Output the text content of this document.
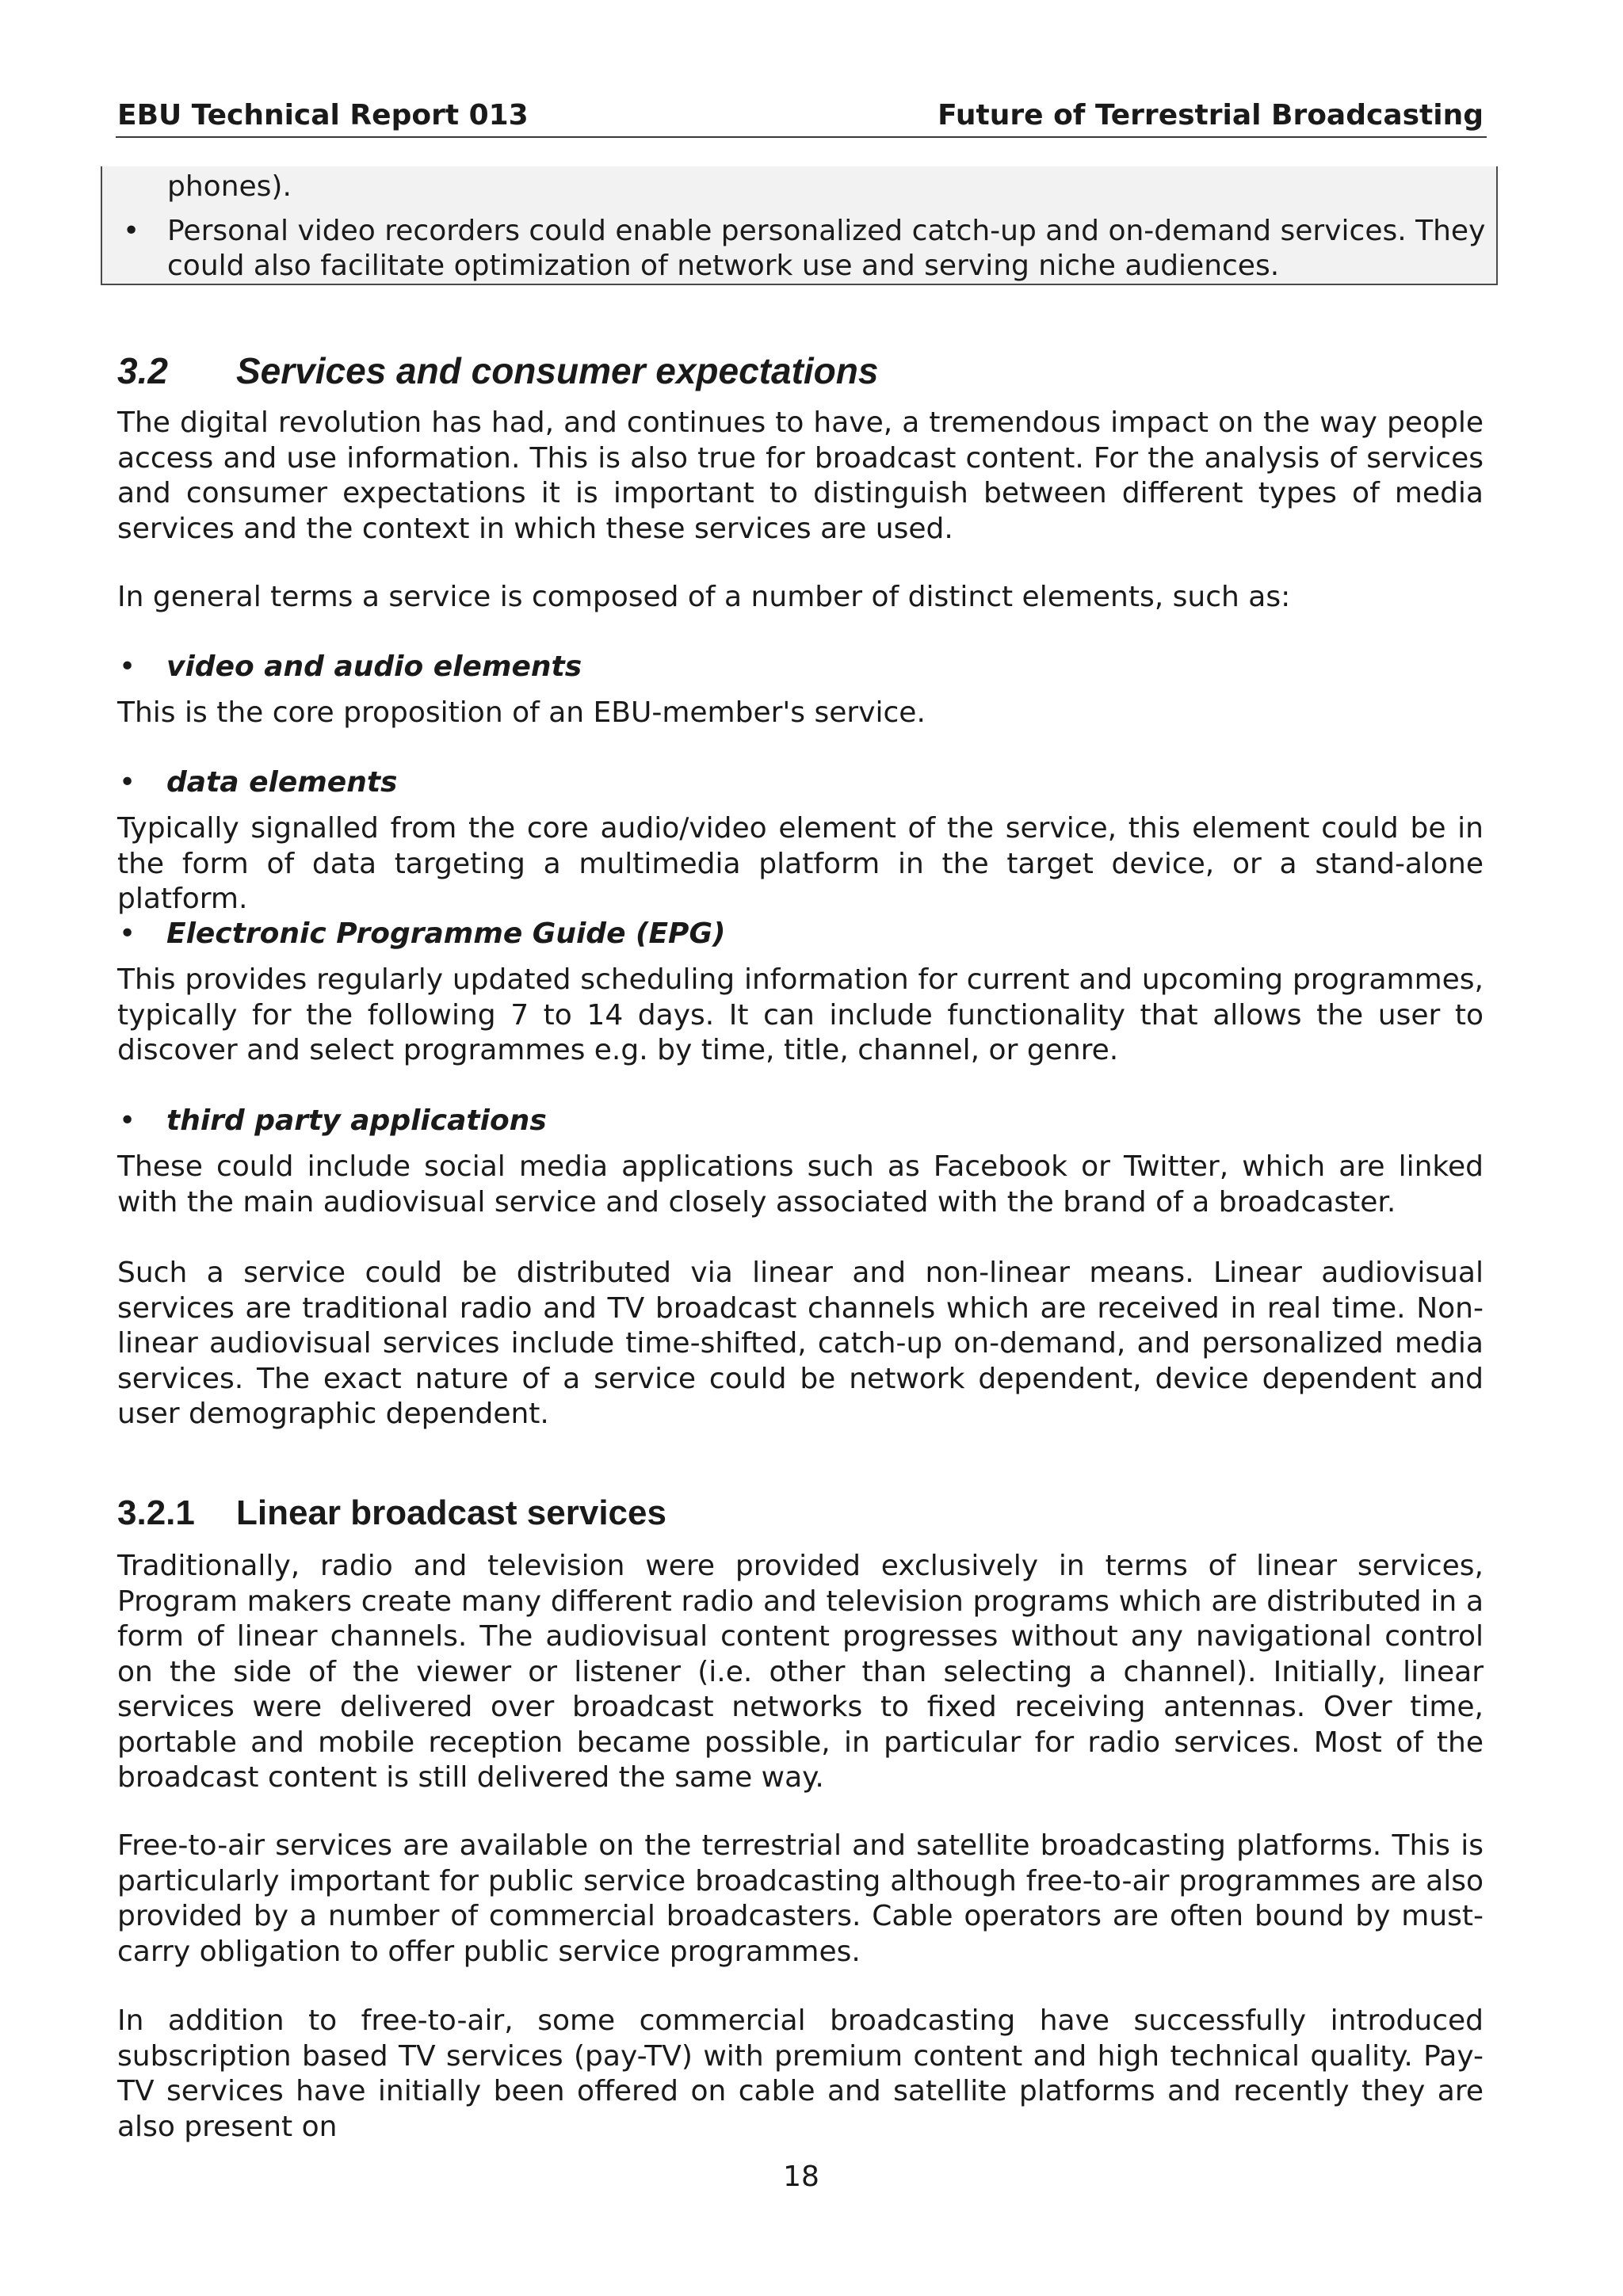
EBU Technical Report 013	Future of Terrestrial Broadcasting
phones).
• Personal video recorders could enable personalized catch-up and on-demand services. They
could also facilitate optimization of network use and serving niche audiences.
3.2 Services and consumer expectations

The digital revolution has had, and continues to have, a tremendous impact on the way people access and use information. This is also true for broadcast content. For the analysis of services and consumer expectations it is important to distinguish between different types of media services and the context in which these services are used.

In general terms a service is composed of a number of distinct elements, such as:

• video and audio elements

This is the core proposition of an EBU-member's service.

• data elements

Typically signalled from the core audio/video element of the service, this element could be in the form of data targeting a multimedia platform in the target device, or a stand-alone platform.

• Electronic Programme Guide (EPG)

This provides regularly updated scheduling information for current and upcoming programmes, typically for the following 7 to 14 days. It can include functionality that allows the user to discover and select programmes e.g. by time, title, channel, or genre.

• third party applications

These could include social media applications such as Facebook or Twitter, which are linked with the main audiovisual service and closely associated with the brand of a broadcaster.

Such a service could be distributed via linear and non-linear means. Linear audiovisual services are traditional radio and TV broadcast channels which are received in real time. Non-linear audiovisual services include time-shifted, catch-up on-demand, and personalized media services. The exact nature of a service could be network dependent, device dependent and user demographic dependent.

3.2.1 Linear broadcast services

Traditionally, radio and television were provided exclusively in terms of linear services, Program makers create many different radio and television programs which are distributed in a form of linear channels. The audiovisual content progresses without any navigational control on the side of the viewer or listener (i.e. other than selecting a channel). Initially, linear services were delivered over broadcast networks to fixed receiving antennas. Over time, portable and mobile reception became possible, in particular for radio services. Most of the broadcast content is still delivered the same way.

Free-to-air services are available on the terrestrial and satellite broadcasting platforms. This is particularly important for public service broadcasting although free-to-air programmes are also provided by a number of commercial broadcasters. Cable operators are often bound by must-carry obligation to offer public service programmes.

In addition to free-to-air, some commercial broadcasting have successfully introduced subscription based TV services (pay-TV) with premium content and high technical quality. Pay-TV services have initially been offered on cable and satellite platforms and recently they are also present on

18
